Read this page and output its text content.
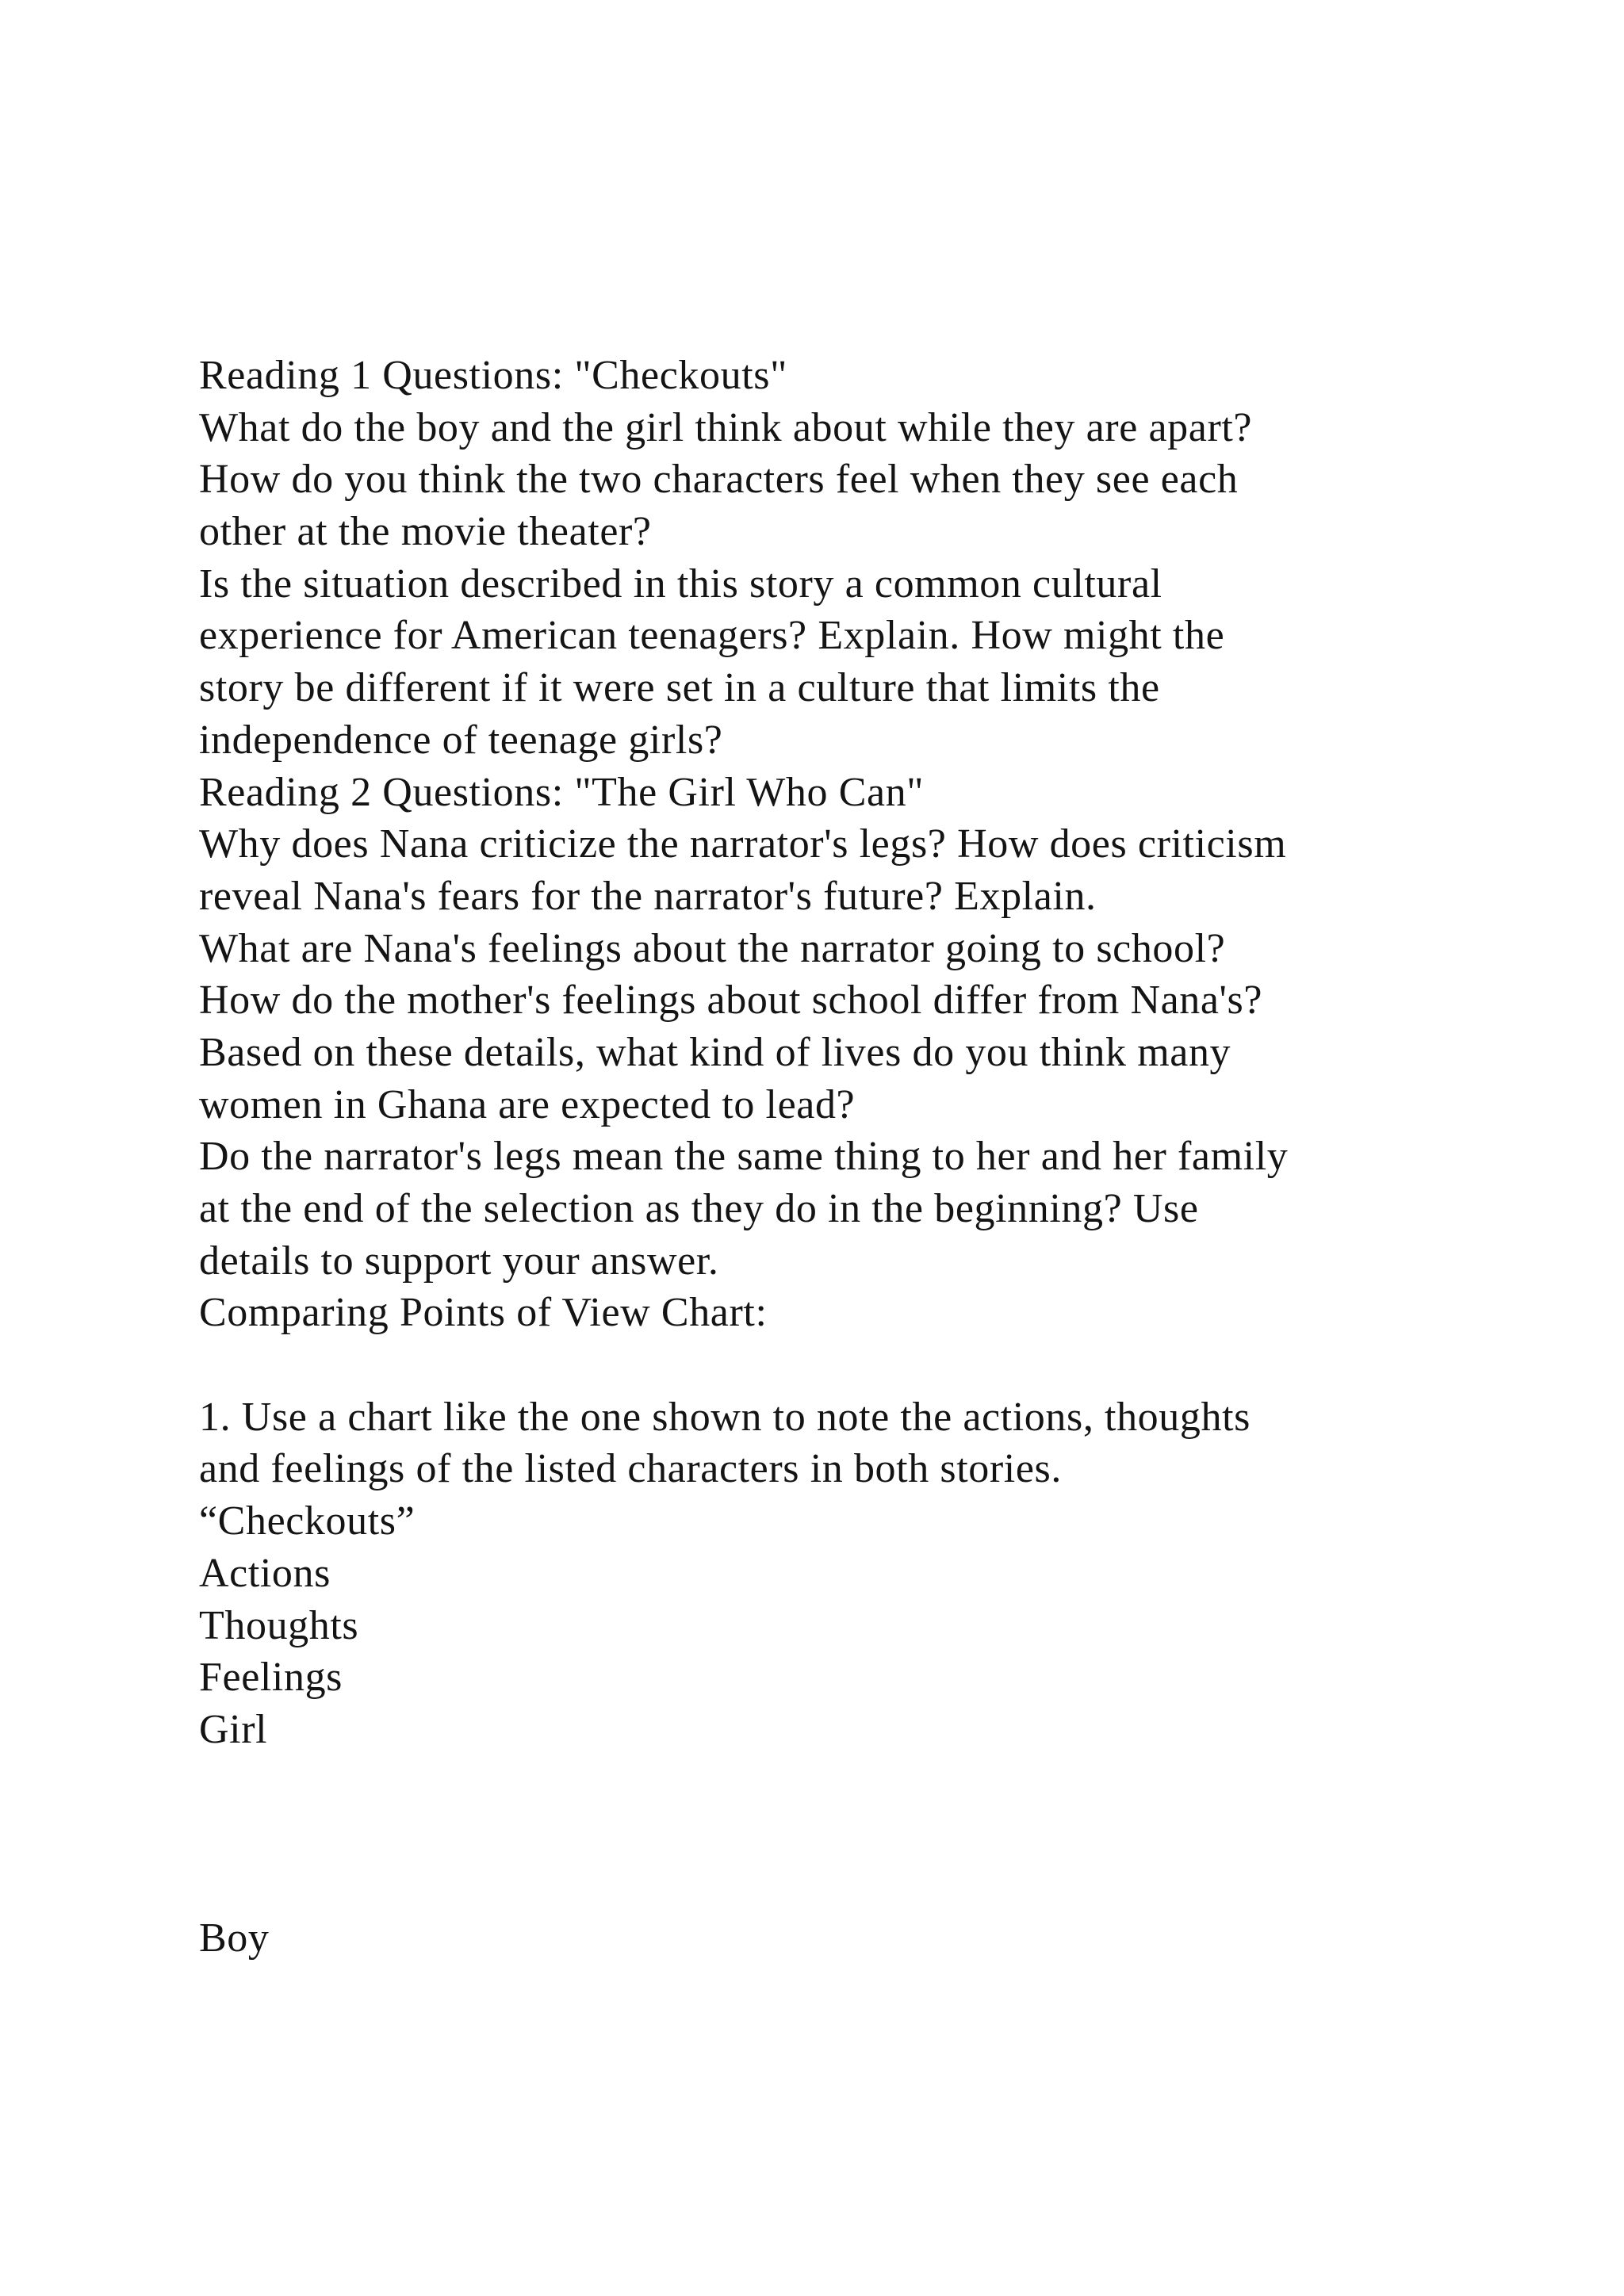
Reading 1 Questions: "Checkouts"
What do the boy and the girl think about while they are apart?
How do you think the two characters feel when they see each
other at the movie theater?
Is the situation described in this story a common cultural
experience for American teenagers? Explain. How might the
story be different if it were set in a culture that limits the
independence of teenage girls?
Reading 2 Questions: "The Girl Who Can"
Why does Nana criticize the narrator's legs? How does criticism
reveal Nana's fears for the narrator's future? Explain.
What are Nana's feelings about the narrator going to school?
How do the mother's feelings about school differ from Nana's?
Based on these details, what kind of lives do you think many
women in Ghana are expected to lead?
Do the narrator's legs mean the same thing to her and her family
at the end of the selection as they do in the beginning? Use
details to support your answer.
Comparing Points of View Chart:
1. Use a chart like the one shown to note the actions, thoughts
and feelings of the listed characters in both stories.
“Checkouts”
Actions
Thoughts
Feelings
Girl
Boy
